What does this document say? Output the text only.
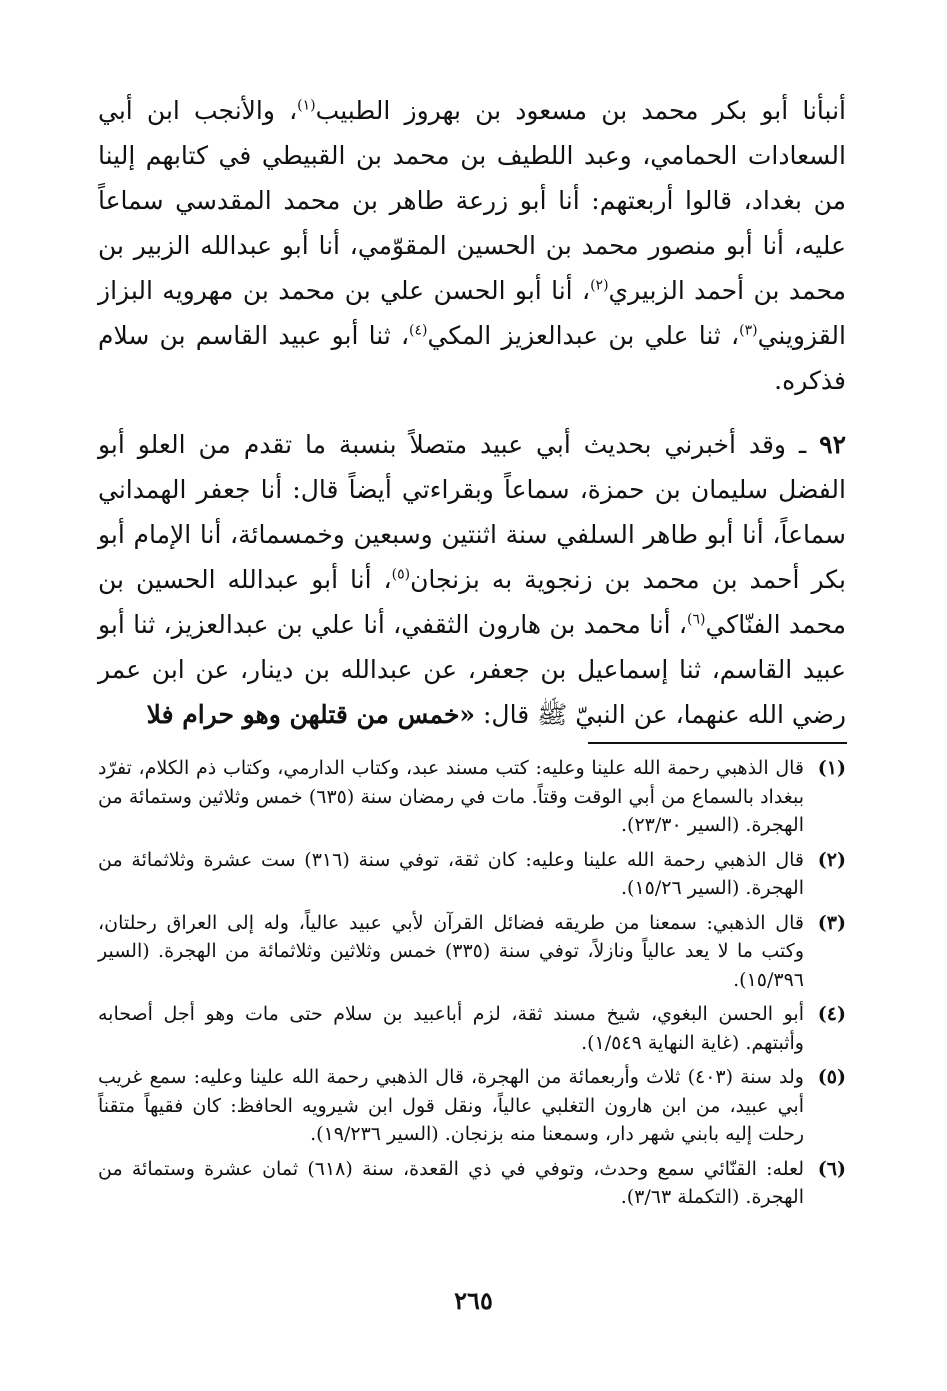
أنبأنا أبو بكر محمد بن مسعود بن بهروز الطبيب$^{(١)}$، والأنجب ابن أبي السعادات الحمامي، وعبد اللطيف بن محمد بن القبيطي في كتابهم إلينا من بغداد، قالوا أربعتهم: أنا أبو زرعة طاهر بن محمد المقدسي سماعاً عليه، أنا أبو منصور محمد بن الحسين المقوّمي، أنا أبو عبدالله الزبير بن محمد بن أحمد الزبيري$^{(٢)}$، أنا أبو الحسن علي بن محمد بن مهرويه البزاز القزويني$^{(٣)}$، ثنا علي بن عبدالعزيز المكي$^{(٤)}$، ثنا أبو عبيد القاسم بن سلام فذكره.

٩٢ ـ وقد أخبرني بحديث أبي عبيد متصلاً بنسبة ما تقدم من العلو أبو الفضل سليمان بن حمزة، سماعاً وبقراءتي أيضاً قال: أنا جعفر الهمداني سماعاً، أنا أبو طاهر السلفي سنة اثنتين وسبعين وخمسمائة، أنا الإمام أبو بكر أحمد بن محمد بن زنجوية به بزنجان$^{(٥)}$، أنا أبو عبدالله الحسين بن محمد الفنّاكي$^{(٦)}$، أنا محمد بن هارون الثقفي، أنا علي بن عبدالعزيز، ثنا أبو عبيد القاسم، ثنا إسماعيل بن جعفر، عن عبدالله بن دينار، عن ابن عمر رضي الله عنهما، عن النبيّ ﷺ قال: «خمس من قتلهن وهو حرام فلا

(١)
قال الذهبي رحمة الله علينا وعليه: كتب مسند عبد، وكتاب الدارمي، وكتاب ذم الكلام، تفرّد ببغداد بالسماع من أبي الوقت وقتاً. مات في رمضان سنة (٦٣٥) خمس وثلاثين وستمائة من الهجرة. (السير ٢٣/٣٠).
(٢)
قال الذهبي رحمة الله علينا وعليه: كان ثقة، توفي سنة (٣١٦) ست عشرة وثلاثمائة من الهجرة. (السير ١٥/٢٦).
(٣)
قال الذهبي: سمعنا من طريقه فضائل القرآن لأبي عبيد عالياً، وله إلى العراق رحلتان، وكتب ما لا يعد عالياً ونازلاً، توفي سنة (٣٣٥) خمس وثلاثين وثلاثمائة من الهجرة. (السير ١٥/٣٩٦).
(٤)
أبو الحسن البغوي، شيخ مسند ثقة، لزم أباعبيد بن سلام حتى مات وهو أجل أصحابه وأثبتهم. (غاية النهاية ١/٥٤٩).
(٥)
ولد سنة (٤٠٣) ثلاث وأربعمائة من الهجرة، قال الذهبي رحمة الله علينا وعليه: سمع غريب أبي عبيد، من ابن هارون التغلبي عالياً، ونقل قول ابن شيرويه الحافظ: كان فقيهاً متقناً رحلت إليه بابني شهر دار، وسمعنا منه بزنجان. (السير ١٩/٢٣٦).
(٦)
لعله: القنّائي سمع وحدث، وتوفي في ذي القعدة، سنة (٦١٨) ثمان عشرة وستمائة من الهجرة. (التكملة ٣/٦٣).
٢٦٥
